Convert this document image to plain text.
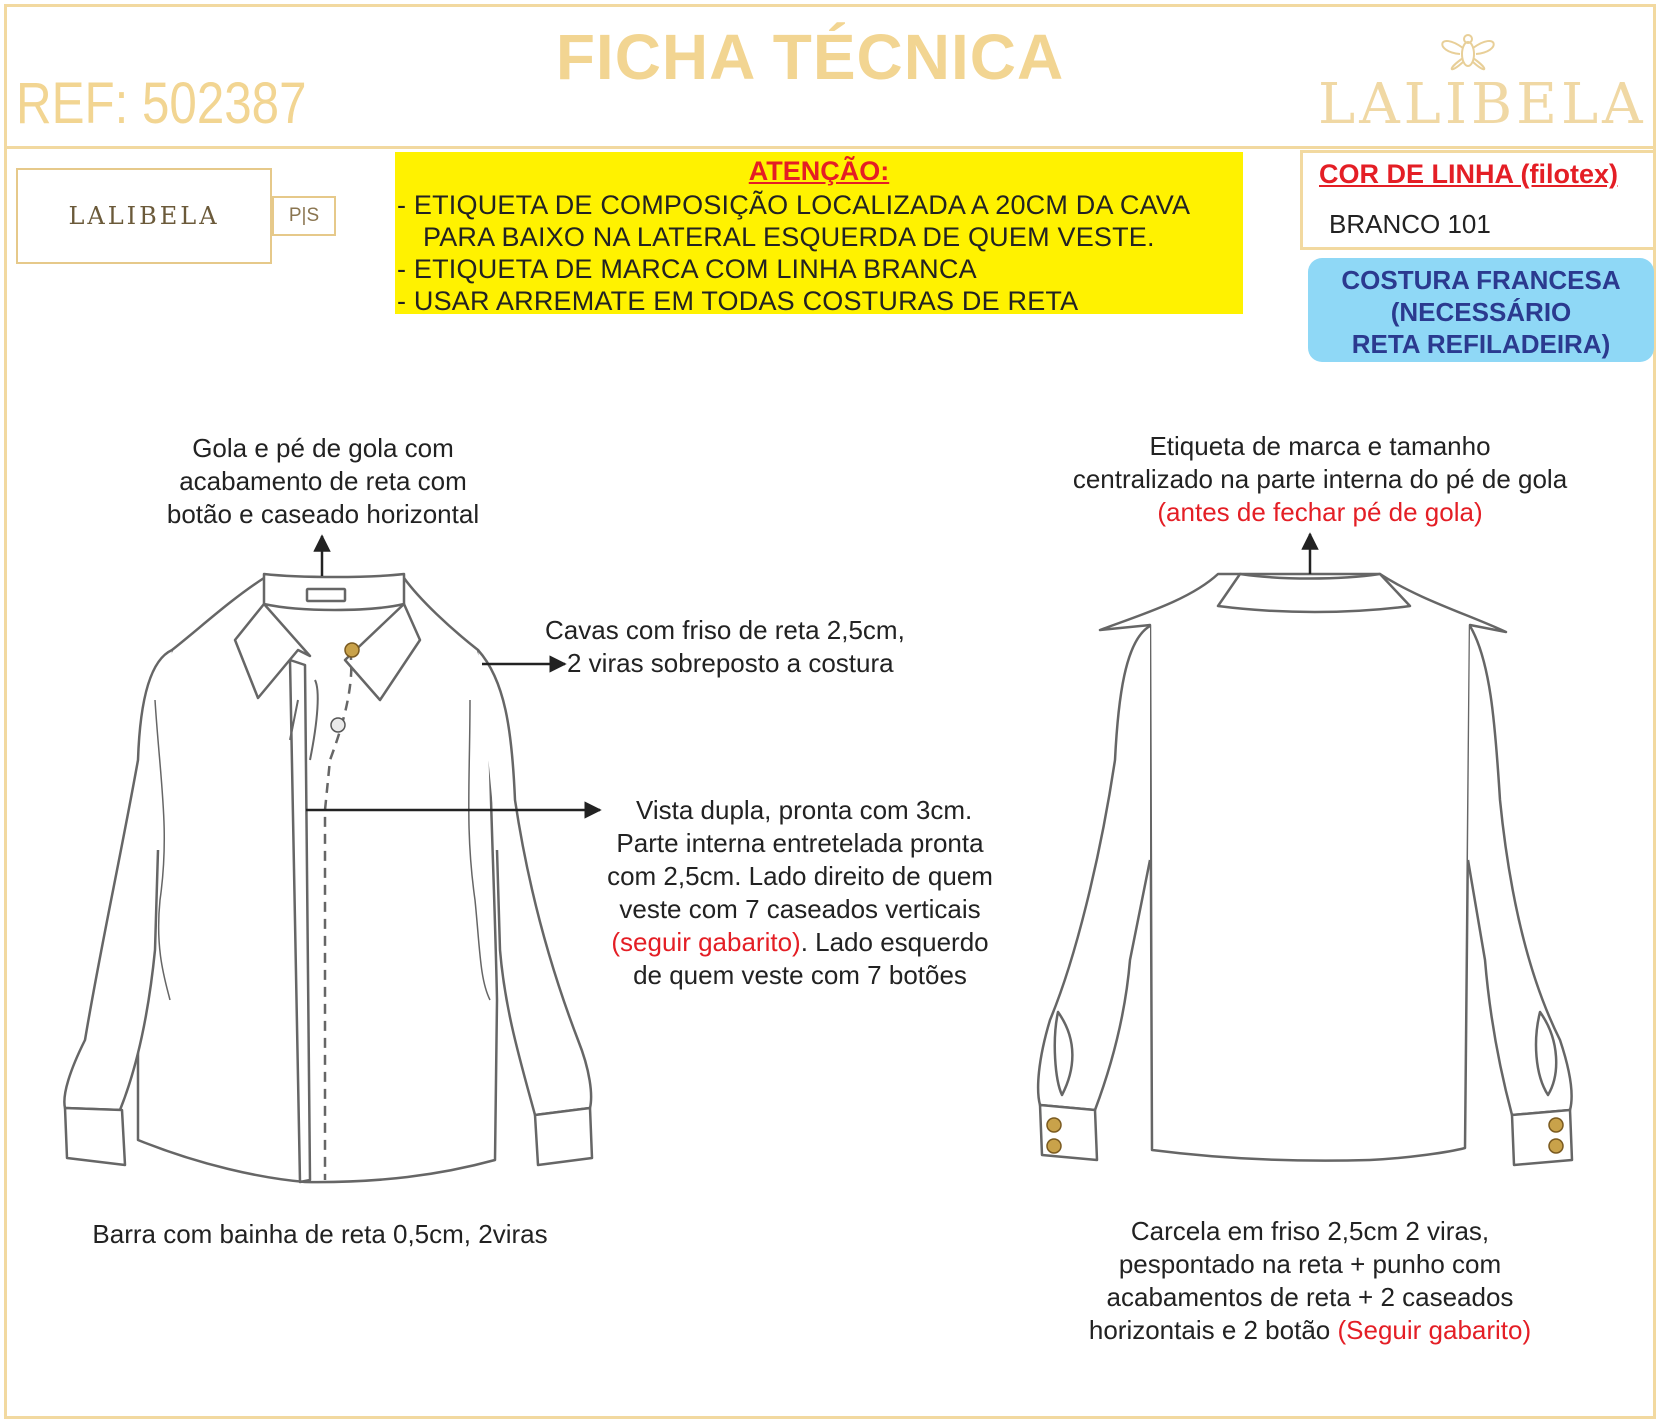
FICHA TÉCNICA
REF: 502387	LALIBELA
LALIBELA	P|S
ATENÇÃO:
- ETIQUETA DE COMPOSIÇÃO LOCALIZADA A 20CM DA CAVA
PARA BAIXO NA LATERAL ESQUERDA DE QUEM VESTE.
- ETIQUETA DE MARCA COM LINHA BRANCA
- USAR ARREMATE EM TODAS COSTURAS DE RETA
COR DE LINHA (filotex)
BRANCO 101
COSTURA FRANCESA
(NECESSÁRIO
RETA REFILADEIRA)
Gola e pé de gola com
acabamento de reta com
botão e caseado horizontal
Cavas com friso de reta 2,5cm,
2 viras sobreposto a costura
Vista dupla, pronta com 3cm.
Parte interna entretelada pronta
com 2,5cm. Lado direito de quem
veste com 7 caseados verticais
(seguir gabarito). Lado esquerdo
de quem veste com 7 botões
Barra com bainha de reta 0,5cm, 2viras
Etiqueta de marca e tamanho
centralizado na parte interna do pé de gola
(antes de fechar pé de gola)
Carcela em friso 2,5cm 2 viras,
pespontado na reta + punho com
acabamentos de reta + 2 caseados
horizontais e 2 botão (Seguir gabarito)
